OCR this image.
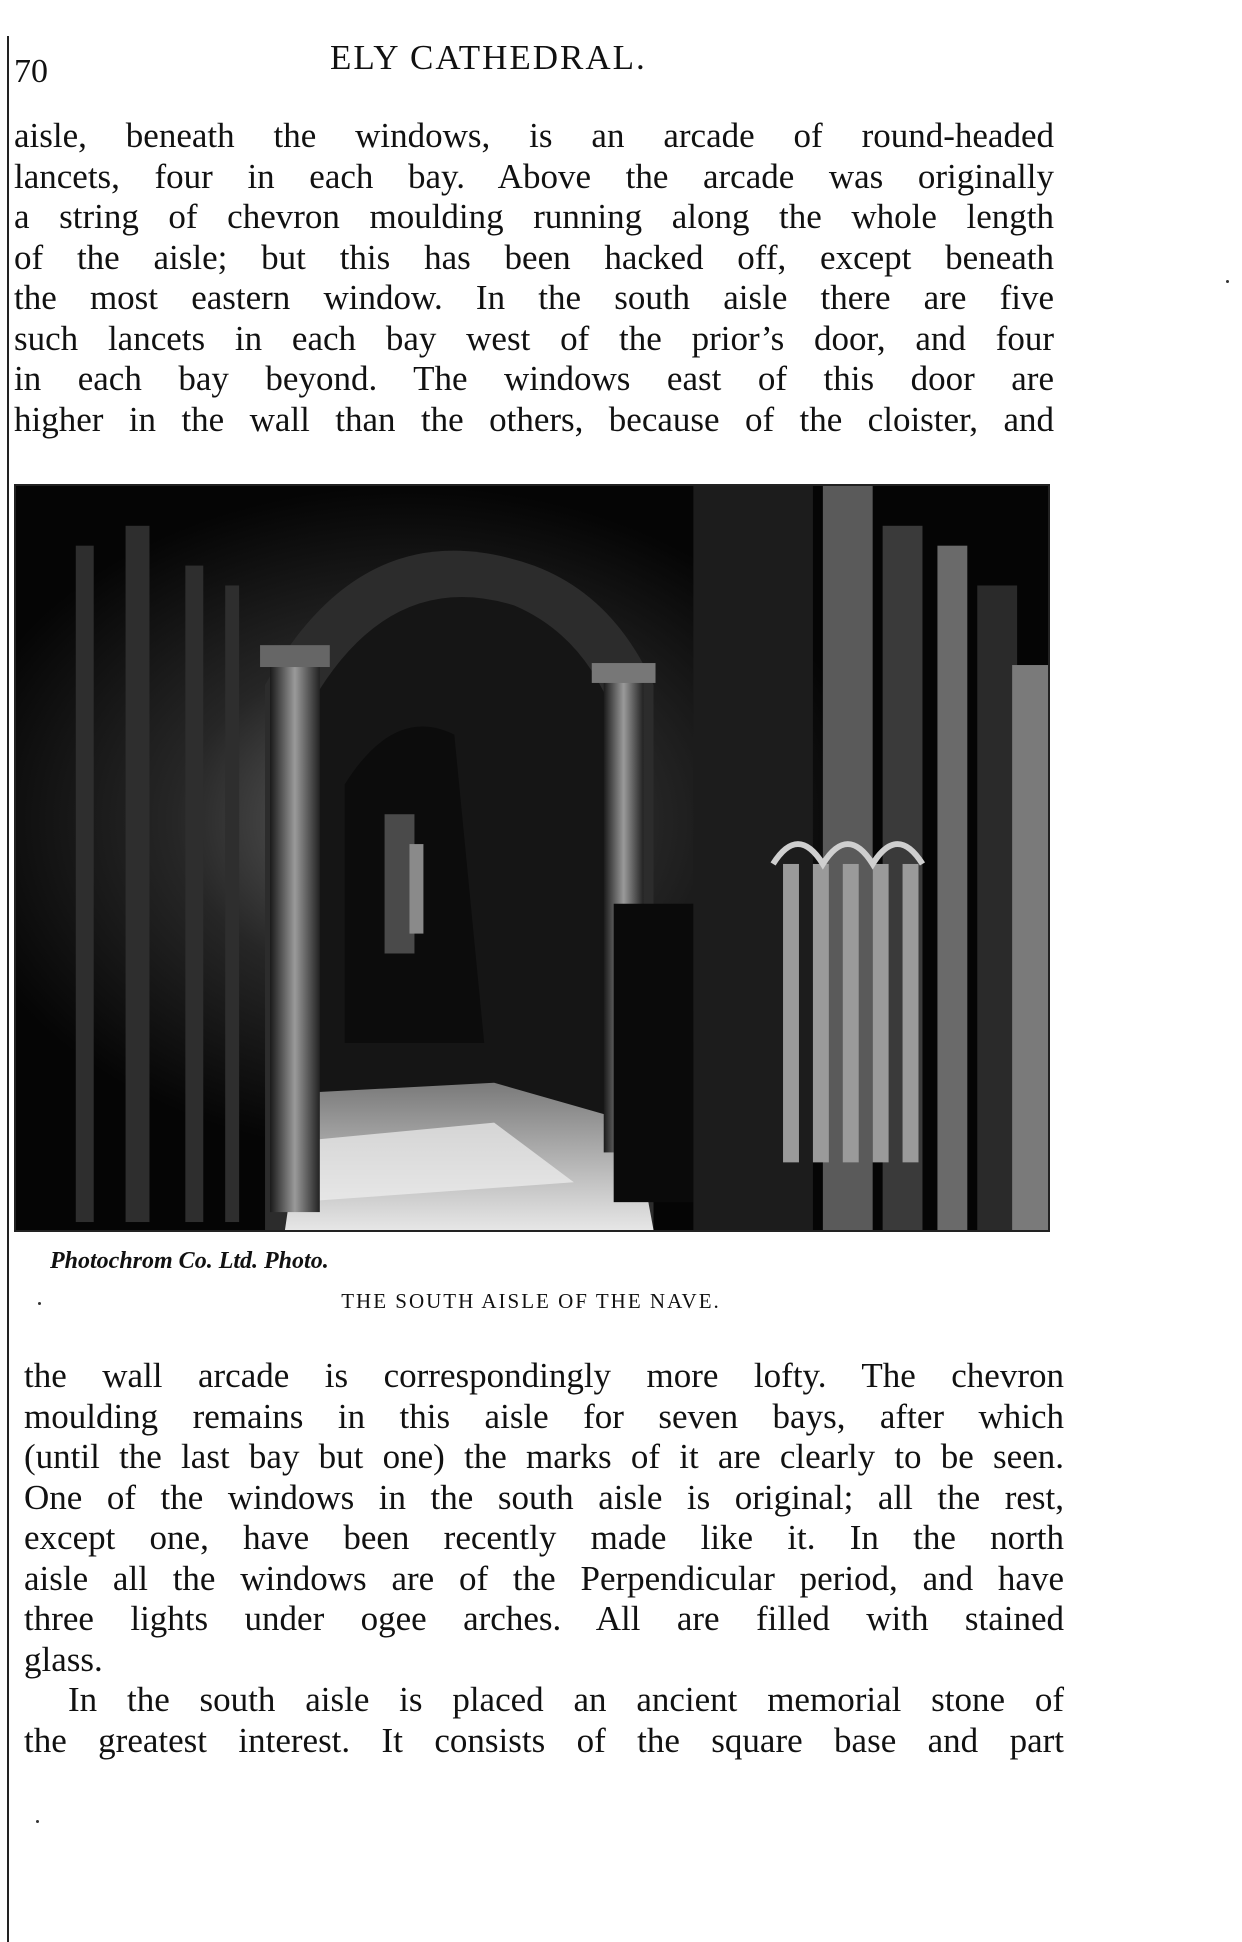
70	ELY CATHEDRAL.
aisle, beneath the windows, is an arcade of round-headed
lancets, four in each bay. Above the arcade was originally
a string of chevron moulding running along the whole length
of the aisle; but this has been hacked off, except beneath
the most eastern window. In the south aisle there are five
such lancets in each bay west of the prior’s door, and four
in each bay beyond. The windows east of this door are
higher in the wall than the others, because of the cloister, and
Photochrom Co. Ltd. Photo.
THE SOUTH AISLE OF THE NAVE.
the wall arcade is correspondingly more lofty. The chevron
moulding remains in this aisle for seven bays, after which
(until the last bay but one) the marks of it are clearly to be seen.
One of the windows in the south aisle is original; all the rest,
except one, have been recently made like it. In the north
aisle all the windows are of the Perpendicular period, and have
three lights under ogee arches. All are filled with stained
glass.
In the south aisle is placed an ancient memorial stone of
the greatest interest. It consists of the square base and part
